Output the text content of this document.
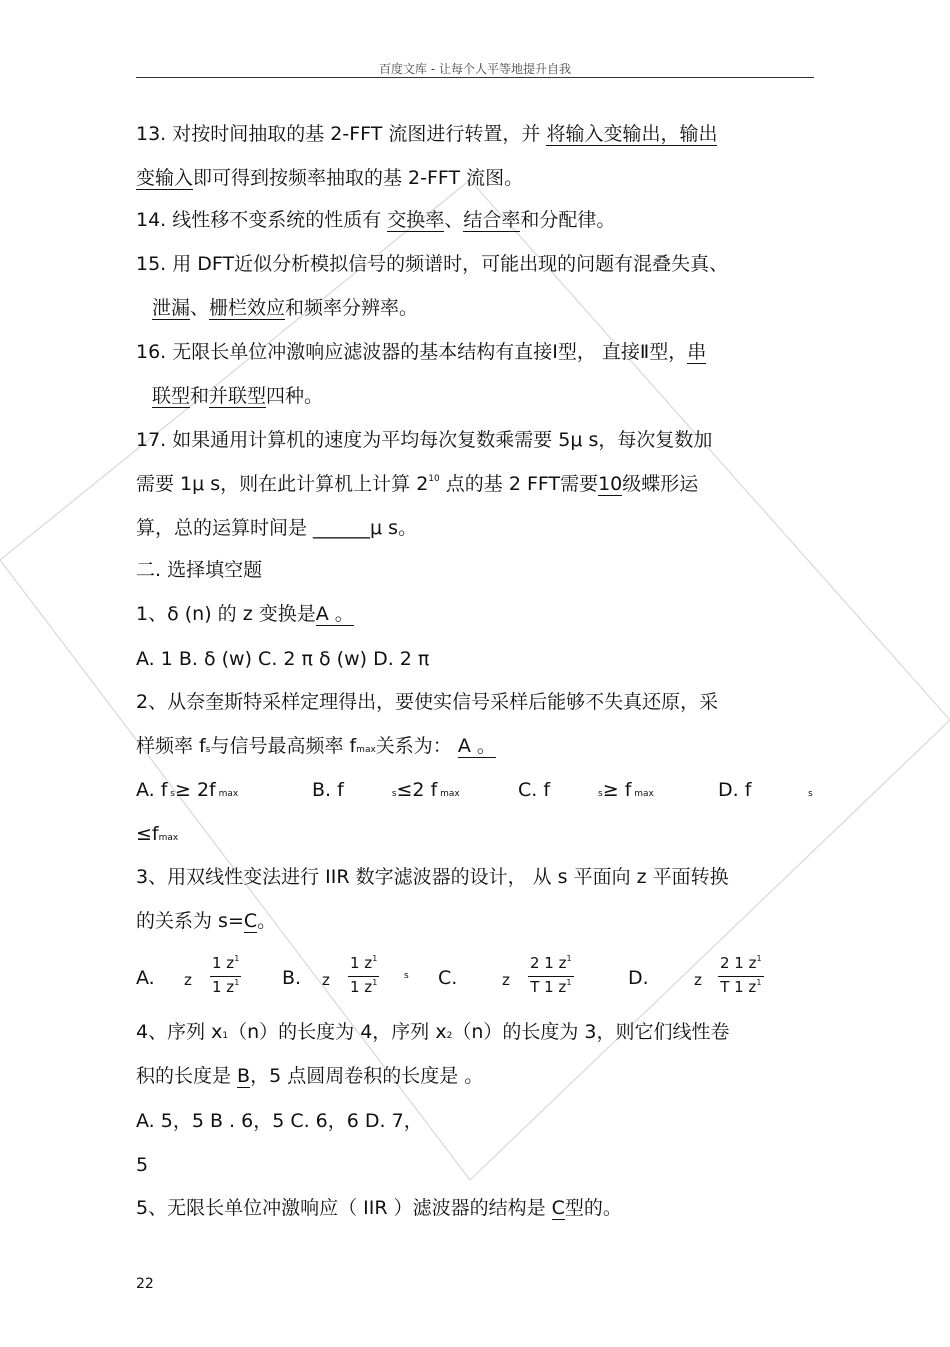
百度文库 - 让每个人平等地提升自我
13. 对按时间抽取的基 2-FFT 流图进行转置，并 将输入变输出，输出
变输入即可得到按频率抽取的基 2-FFT 流图。
14. 线性移不变系统的性质有 交换率、结合率和分配律。
15. 用 DFT近似分析模拟信号的频谱时，可能出现的问题有混叠失真、
泄漏、栅栏效应和频率分辨率。
16. 无限长单位冲激响应滤波器的基本结构有直接Ⅰ型， 直接Ⅱ型，串
联型和并联型四种。
17. 如果通用计算机的速度为平均每次复数乘需要 5μ s，每次复数加
需要 1μ s，则在此计算机上计算 $2^{10}$ 点的基 2 FFT需要10级蝶形运
算，总的运算时间是 ______μ s。
二. 选择填空题
1、δ (n) 的 z 变换是A 。
A. 1 B. δ (w) C. 2 π δ (w) D. 2 π
2、从奈奎斯特采样定理得出，要使实信号采样后能够不失真还原，采
样频率 fs与信号最高频率 fmax关系为： A 。
A. f s≥ 2f max	B. f	s≤2 f max	C. f	s≥ f max	D. f	s
≤fmax
3、用双线性变法进行 IIR 数字滤波器的设计， 从 s 平面向 z 平面转换
的关系为 s=C。
A. z $\frac{1 z^1}{1 z^1} B$. z $\frac{1 z^1}{1 z^1}$	s C.	z $\frac{2 1 z^1}{T 1 z^1}$	D.	z $\frac{2 1 z^1}{T 1 z^1}$
4、序列 x1（n）的长度为 4，序列 x2（n）的长度为 3，则它们线性卷
积的长度是 B，5 点圆周卷积的长度是 。
A. 5，5 B . 6，5 C. 6，6 D. 7，
5
5、无限长单位冲激响应（ IIR ）滤波器的结构是 C型的。
22
